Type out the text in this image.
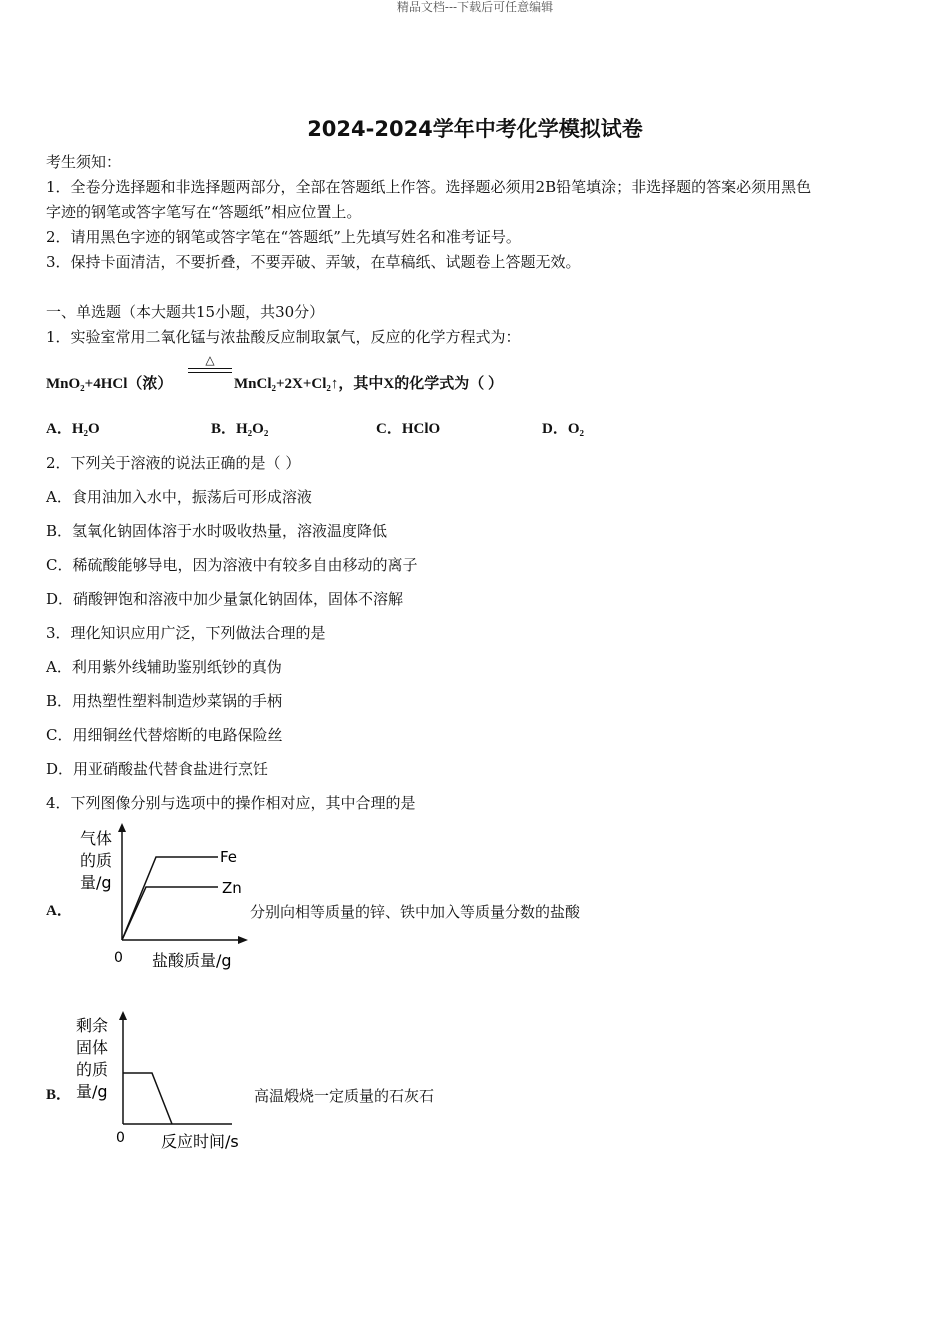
精品文档---下载后可任意编辑
2024-2024学年中考化学模拟试卷
考生须知：
1．全卷分选择题和非选择题两部分，全部在答题纸上作答。选择题必须用2B铅笔填涂；非选择题的答案必须用黑色
字迹的钢笔或答字笔写在“答题纸”相应位置上。
2．请用黑色字迹的钢笔或答字笔在“答题纸”上先填写姓名和准考证号。
3．保持卡面清洁，不要折叠，不要弄破、弄皱，在草稿纸、试题卷上答题无效。
一、单选题（本大题共15小题，共30分）
1．实验室常用二氧化锰与浓盐酸反应制取氯气，反应的化学方程式为：
MnO₂+4HCl（浓）
△
MnCl₂+2X+Cl₂↑，其中X的化学式为（ ）
A．H₂O	B．H₂O₂	C．HClO	D．O₂
2．下列关于溶液的说法正确的是（ ）
A．食用油加入水中，振荡后可形成溶液
B．氢氧化钠固体溶于水时吸收热量，溶液温度降低
C．稀硫酸能够导电，因为溶液中有较多自由移动的离子
D．硝酸钾饱和溶液中加少量氯化钠固体，固体不溶解
3．理化知识应用广泛，下列做法合理的是
A．利用紫外线辅助鉴别纸钞的真伪
B．用热塑性塑料制造炒菜锅的手柄
C．用细铜丝代替熔断的电路保险丝
D．用亚硝酸盐代替食盐进行烹饪
4．下列图像分别与选项中的操作相对应，其中合理的是
A．
Fe
Zn
气体
的质
量/g
0 盐酸质量/g
分别向相等质量的锌、铁中加入等质量分数的盐酸
B．
剩余
固体
的质
量/g
0 反应时间/s
高温煅烧一定质量的石灰石
